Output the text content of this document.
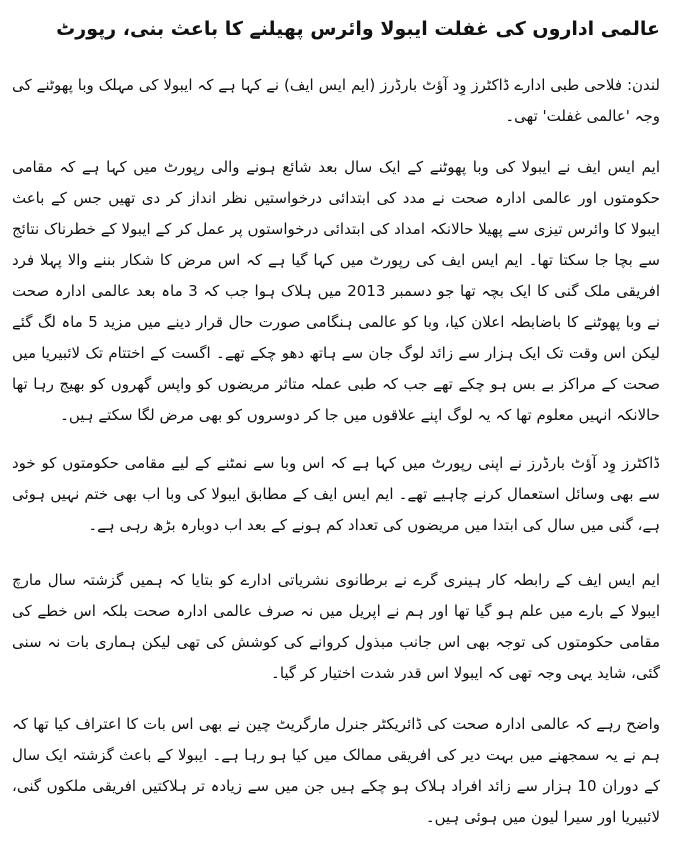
عالمی اداروں کی غفلت ایبولا وائرس پھیلنے کا باعث بنی، رپورٹ

لندن: فلاحی طبی ادارے ڈاکٹرز وِد آؤٹ بارڈرز (ایم ایس ایف) نے کہا ہے کہ ایبولا کی مہلک وبا پھوٹنے کی وجہ 'عالمی غفلت' تھی۔

ایم ایس ایف نے ایبولا کی وبا پھوٹنے کے ایک سال بعد شائع ہونے والی رپورٹ میں کہا ہے کہ مقامی حکومتوں اور عالمی ادارہ صحت نے مدد کی ابتدائی درخواستیں نظر انداز کر دی تھیں جس کے باعث ایبولا کا وائرس تیزی سے پھیلا حالانکہ امداد کی ابتدائی درخواستوں پر عمل کر کے ایبولا کے خطرناک نتائج سے بچا جا سکتا تھا۔ ایم ایس ایف کی رپورٹ میں کہا گیا ہے کہ اس مرض کا شکار بننے والا پہلا فرد افریقی ملک گنی کا ایک بچہ تھا جو دسمبر 2013 میں ہلاک ہوا جب کہ 3 ماہ بعد عالمی ادارہ صحت نے وبا پھوٹنے کا باضابطہ اعلان کیا، وبا کو عالمی ہنگامی صورت حال قرار دینے میں مزید 5 ماہ لگ گئے لیکن اس وقت تک ایک ہزار سے زائد لوگ جان سے ہاتھ دھو چکے تھے۔ اگست کے اختتام تک لائبیریا میں صحت کے مراکز بے بس ہو چکے تھے جب کہ طبی عملہ متاثر مریضوں کو واپس گھروں کو بھیج رہا تھا حالانکہ انہیں معلوم تھا کہ یہ لوگ اپنے علاقوں میں جا کر دوسروں کو بھی مرض لگا سکتے ہیں۔

ڈاکٹرز وِد آؤٹ بارڈرز نے اپنی رپورٹ میں کہا ہے کہ اس وبا سے نمٹنے کے لیے مقامی حکومتوں کو خود سے بھی وسائل استعمال کرنے چاہیے تھے۔ ایم ایس ایف کے مطابق ایبولا کی وبا اب بھی ختم نہیں ہوئی ہے، گنی میں سال کی ابتدا میں مریضوں کی تعداد کم ہونے کے بعد اب دوبارہ بڑھ رہی ہے۔

ایم ایس ایف کے رابطہ کار ہینری گرے نے برطانوی نشریاتی ادارے کو بتایا کہ ہمیں گزشتہ سال مارچ ایبولا کے بارے میں علم ہو گیا تھا اور ہم نے اپریل میں نہ صرف عالمی ادارہ صحت بلکہ اس خطے کی مقامی حکومتوں کی توجہ بھی اس جانب مبذول کروانے کی کوشش کی تھی لیکن ہماری بات نہ سنی گئی، شاید یہی وجہ تھی کہ ایبولا اس قدر شدت اختیار کر گیا۔

واضح رہے کہ عالمی ادارہ صحت کی ڈائریکٹر جنرل مارگریٹ چین نے بھی اس بات کا اعتراف کیا تھا کہ ہم نے یہ سمجھنے میں بہت دیر کی افریقی ممالک میں کیا ہو رہا ہے۔ ایبولا کے باعث گزشتہ ایک سال کے دوران 10 ہزار سے زائد افراد ہلاک ہو چکے ہیں جن میں سے زیادہ تر ہلاکتیں افریقی ملکوں گنی، لائبیریا اور سیرا لیون میں ہوئی ہیں۔
